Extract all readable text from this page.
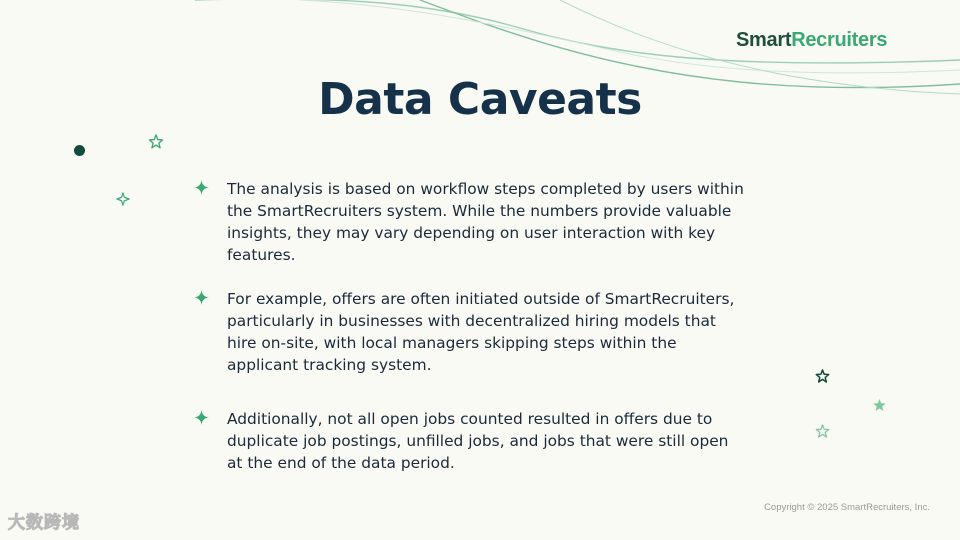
SmartRecruiters
Data Caveats
The analysis is based on workflow steps completed by users within the SmartRecruiters system. While the numbers provide valuable insights, they may vary depending on user interaction with key features.
For example, offers are often initiated outside of SmartRecruiters, particularly in businesses with decentralized hiring models that hire on-site, with local managers skipping steps within the applicant tracking system.
Additionally, not all open jobs counted resulted in offers due to duplicate job postings, unfilled jobs, and jobs that were still open at the end of the data period.
Copyright © 2025 SmartRecruiters, Inc.
大数跨境
